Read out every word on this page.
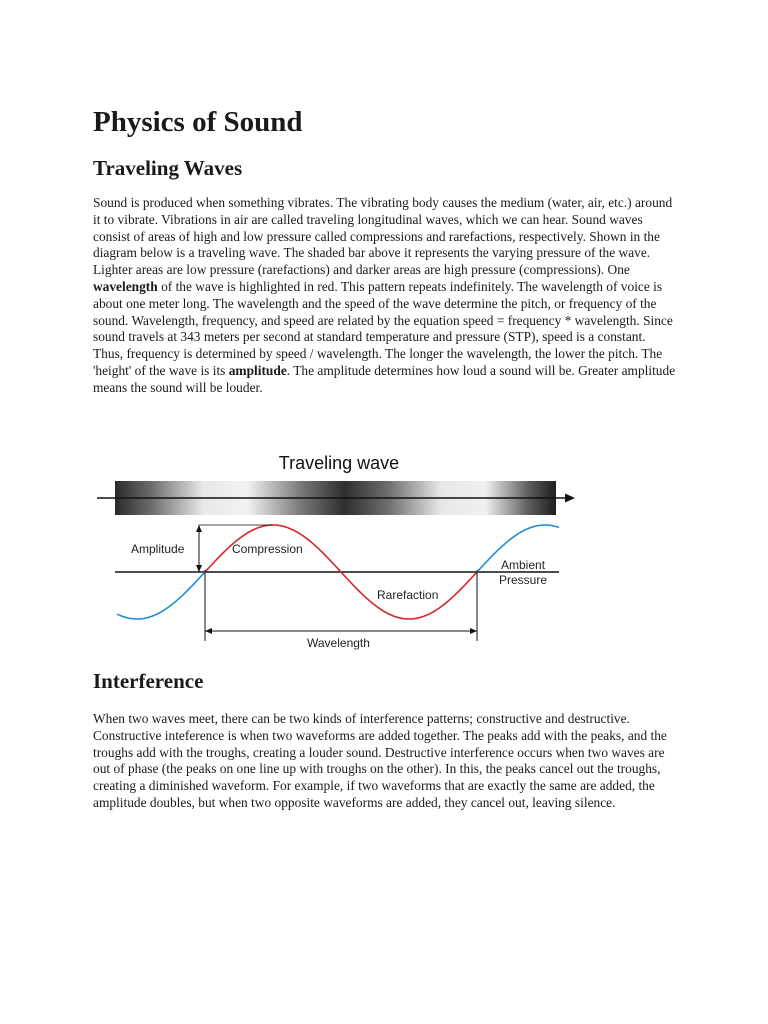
Physics of Sound
Traveling Waves

Sound is produced when something vibrates. The vibrating body causes the medium (water, air, etc.) around it to vibrate. Vibrations in air are called traveling longitudinal waves, which we can hear. Sound waves consist of areas of high and low pressure called compressions and rarefactions, respectively. Shown in the diagram below is a traveling wave. The shaded bar above it represents the varying pressure of the wave. Lighter areas are low pressure (rarefactions) and darker areas are high pressure (compressions). One wavelength of the wave is highlighted in red. This pattern repeats indefinitely. The wavelength of voice is about one meter long. The wavelength and the speed of the wave determine the pitch, or frequency of the sound. Wavelength, frequency, and speed are related by the equation speed = frequency * wavelength. Since sound travels at 343 meters per second at standard temperature and pressure (STP), speed is a constant. Thus, frequency is determined by speed / wavelength. The longer the wavelength, the lower the pitch. The 'height' of the wave is its amplitude. The amplitude determines how loud a sound will be. Greater amplitude means the sound will be louder.

Interference

When two waves meet, there can be two kinds of interference patterns; constructive and destructive. Constructive inteference is when two waveforms are added together. The peaks add with the peaks, and the troughs add with the troughs, creating a louder sound. Destructive interference occurs when two waves are out of phase (the peaks on one line up with troughs on the other). In this, the peaks cancel out the troughs, creating a diminished waveform. For example, if two waveforms that are exactly the same are added, the amplitude doubles, but when two opposite waveforms are added, they cancel out, leaving silence.

Traveling wave
Amplitude	Compression
Rarefaction
Ambient
Pressure
Wavelength
